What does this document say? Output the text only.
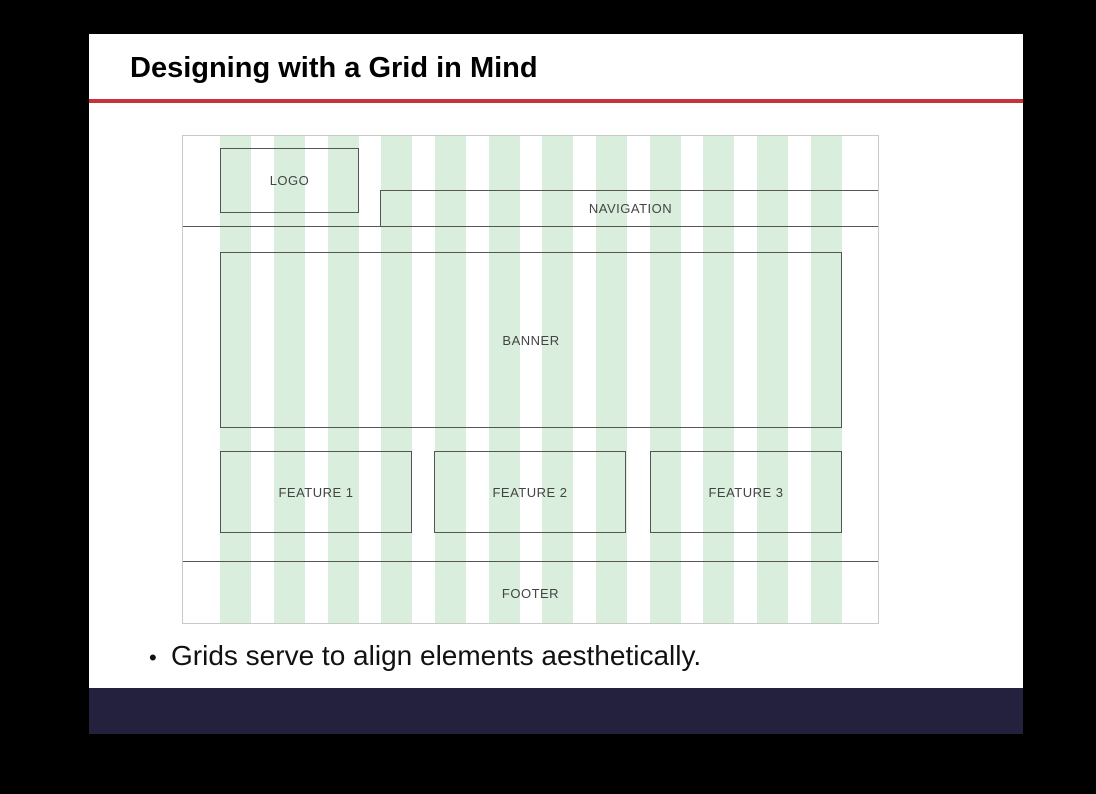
Designing with a Grid in Mind
LOGO
NAVIGATION
BANNER
FEATURE 1	FEATURE 2	FEATURE 3
FOOTER
• Grids serve to align elements aesthetically.
